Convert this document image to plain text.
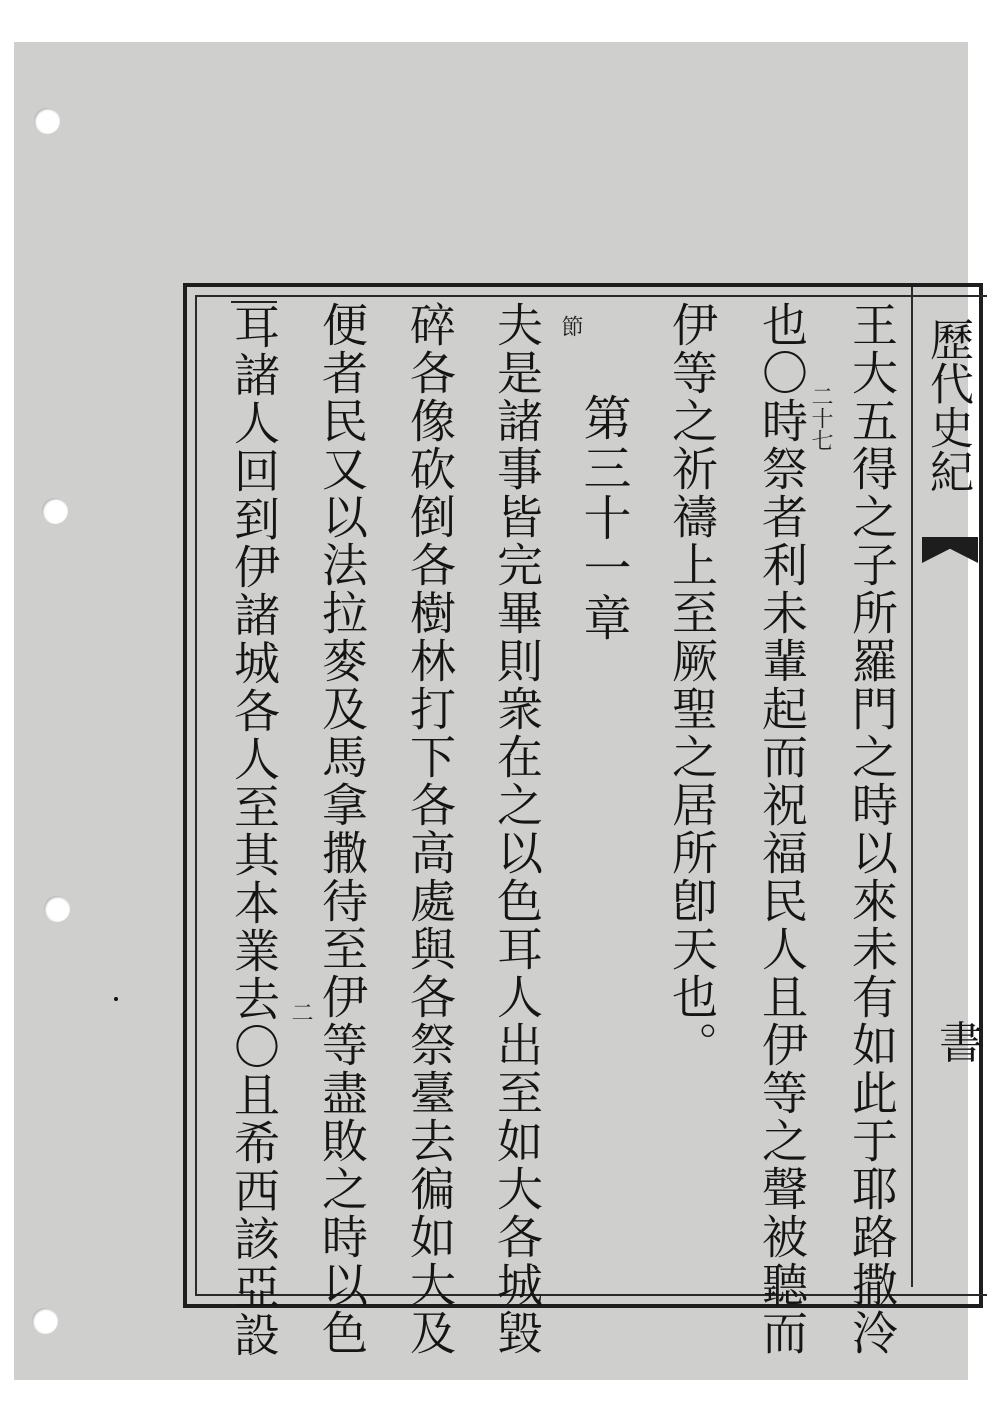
歷代史紀
書
王大五得之子所羅門之時以來未有如此于耶路撒泠
也〇時祭者利未輩起而祝福民人且伊等之聲被聽而
伊等之祈禱上至厥聖之居所卽天也。
第三十一章
夫是諸事皆完畢則衆在之以色耳人出至如大各城毀
碎各像砍倒各樹林打下各高處與各祭臺去徧如大及
便者民又以法拉麥及馬拿撒待至伊等盡敗之時以色
耳諸人回到伊諸城各人至其本業去〇且希西該亞設	二十七
節
二
